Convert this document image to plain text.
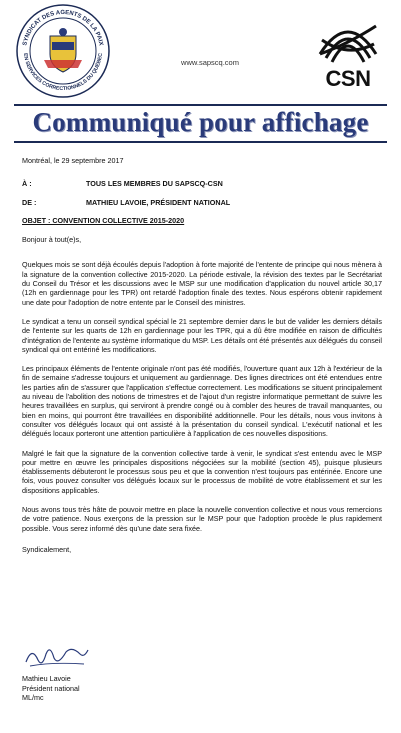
SYNDICAT DES AGENTS DE LA PAIX
EN SERVICES CORRECTIONNELS DU QUÉBEC
www.sapscq.com
CSN
Communiqué pour affichage
Montréal, le 29 septembre 2017
À :	TOUS LES MEMBRES DU SAPSCQ-CSN
DE :	MATHIEU LAVOIE, PRÉSIDENT NATIONAL
OBJET : CONVENTION COLLECTIVE 2015-2020
Bonjour à tout(e)s,

Quelques mois se sont déjà écoulés depuis l'adoption à forte majorité de l'entente de principe qui nous mènera à la signature de la convention collective 2015-2020. La période estivale, la révision des textes par le Secrétariat du Conseil du Trésor et les discussions avec le MSP sur une modification d'application du nouvel article 30,17 (12h en gardiennage pour les TPR) ont retardé l'adoption finale des textes. Nous espérons obtenir rapidement une date pour l'adoption de notre entente par le Conseil des ministres.

Le syndicat a tenu un conseil syndical spécial le 21 septembre dernier dans le but de valider les derniers détails de l'entente sur les quarts de 12h en gardiennage pour les TPR, qui a dû être modifiée en raison de difficultés d'intégration de l'entente au système informatique du MSP. Les détails ont été présentés aux délégués du conseil syndical qui ont entériné les modifications.

Les principaux éléments de l'entente originale n'ont pas été modifiés, l'ouverture quant aux 12h à l'extérieur de la fin de semaine s'adresse toujours et uniquement au gardiennage. Des lignes directrices ont été entendues entre les parties afin de s'assurer que l'application s'effectue correctement. Les modifications se situent principalement au niveau de l'abolition des notions de trimestres et de l'ajout d'un registre informatique permettant de suivre les heures travaillées en surplus, qui serviront à prendre congé ou à combler des heures de travail manquantes, ou bien en moins, qui pourront être travaillées en disponibilité additionnelle. Pour les détails, nous vous invitons à consulter vos délégués locaux qui ont assisté à la présentation du conseil syndical. L'exécutif national et les délégués locaux porteront une attention particulière à l'application de ces nouvelles dispositions.

Malgré le fait que la signature de la convention collective tarde à venir, le syndicat s'est entendu avec le MSP pour mettre en œuvre les principales dispositions négociées sur la mobilité (section 45), puisque plusieurs établissements débuteront le processus sous peu et que la convention n'est toujours pas entérinée. Encore une fois, vous pouvez consulter vos délégués locaux sur le processus de mobilité de votre établissement et sur les dispositions applicables.

Nous avons tous très hâte de pouvoir mettre en place la nouvelle convention collective et nous vous remercions de votre patience. Nous exerçons de la pression sur le MSP pour que l'adoption procède le plus rapidement possible. Vous serez informé dès qu'une date sera fixée.

Syndicalement,
Mathieu Lavoie
Président national
ML/mc
